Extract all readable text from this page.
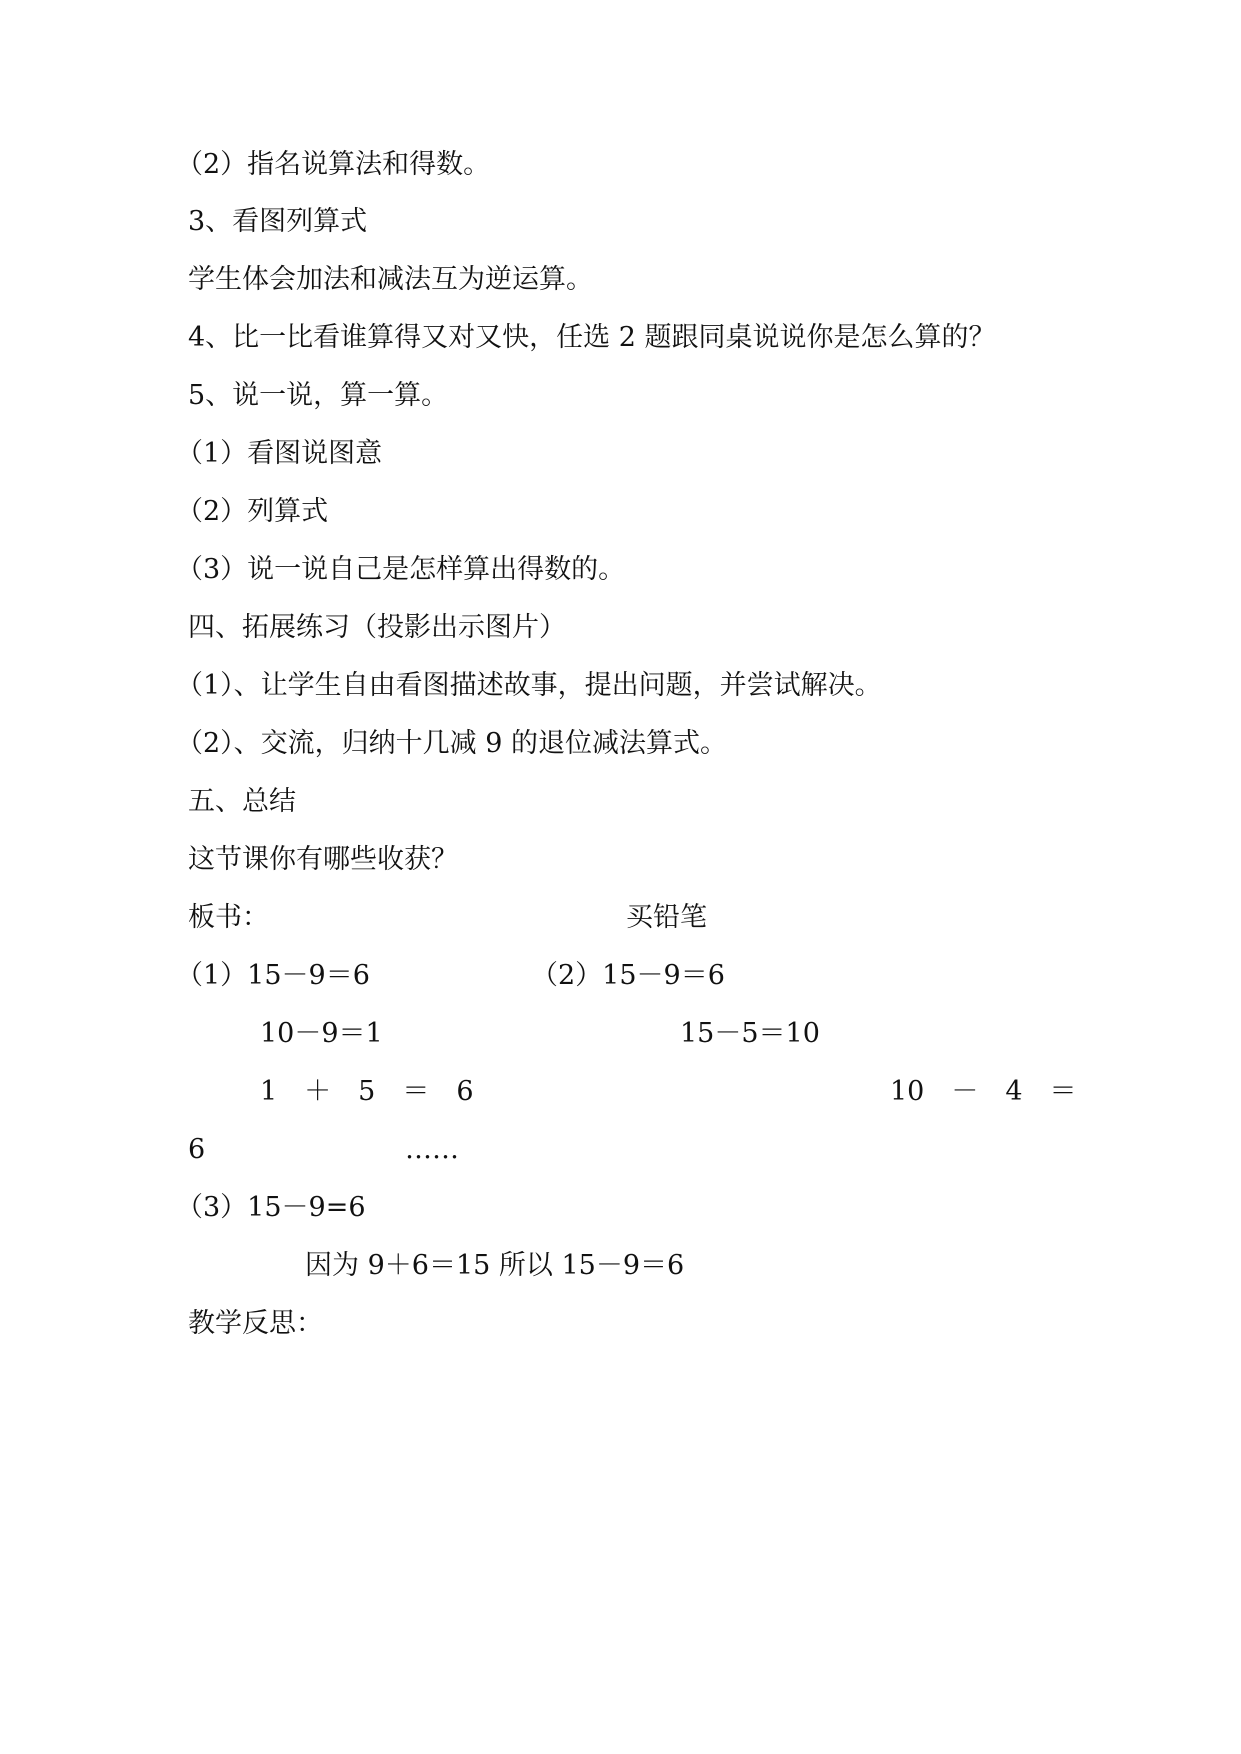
（2）指名说算法和得数。
3、看图列算式
学生体会加法和减法互为逆运算。
4、比一比看谁算得又对又快，任选 2 题跟同桌说说你是怎么算的？
5、说一说，算一算。
（1）看图说图意
（2）列算式
（3）说一说自己是怎样算出得数的。
四、拓展练习（投影出示图片）
（1）、让学生自由看图描述故事，提出问题，并尝试解决。
（2）、交流，归纳十几减 9 的退位减法算式。
五、总结
这节课你有哪些收获？
板书：	买铅笔
（1）15－9＝6	（2）15－9＝6
10－9＝1	15－5＝10
1　＋　5　＝　6	10　－　4　＝
6	……
（3）15－9=6
因为 9＋6＝15 所以 15－9＝6
教学反思：
